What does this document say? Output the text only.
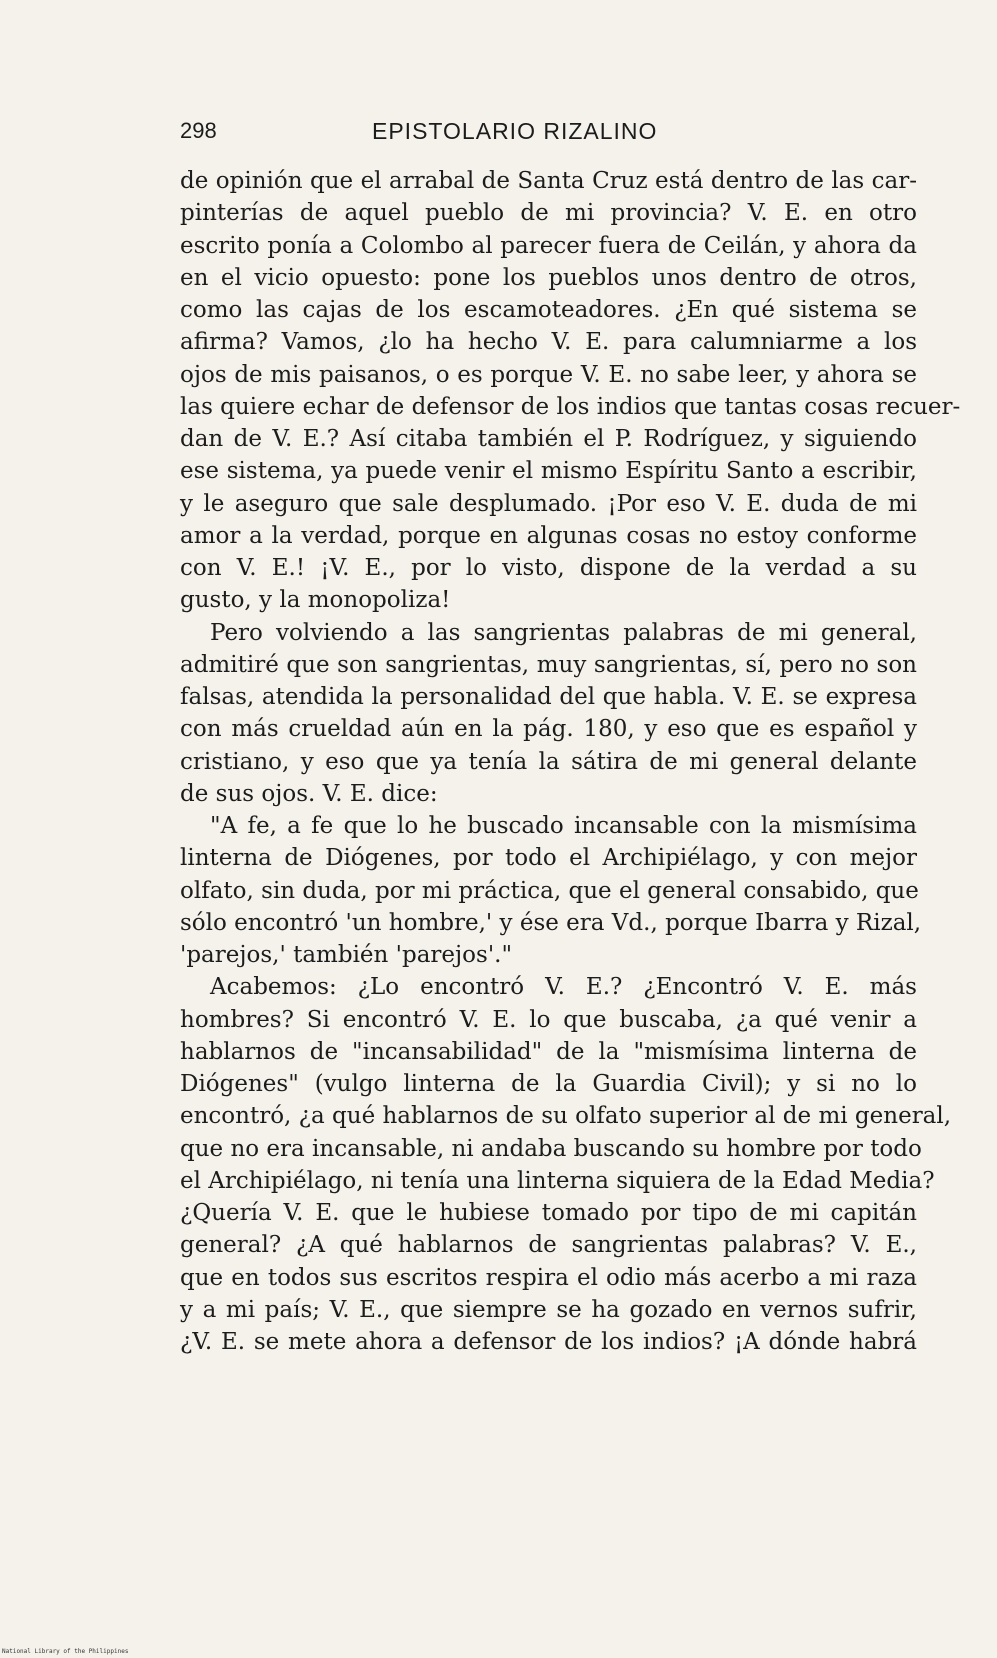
298	EPISTOLARIO RIZALINO
de opinión que el arrabal de Santa Cruz está dentro de las car-
pinterías de aquel pueblo de mi provincia? V. E. en otro
escrito ponía a Colombo al parecer fuera de Ceilán, y ahora da
en el vicio opuesto: pone los pueblos unos dentro de otros,
como las cajas de los escamoteadores. ¿En qué sistema se
afirma? Vamos, ¿lo ha hecho V. E. para calumniarme a los
ojos de mis paisanos, o es porque V. E. no sabe leer, y ahora se
las quiere echar de defensor de los indios que tantas cosas recuer-
dan de V. E.? Así citaba también el P. Rodríguez, y siguiendo
ese sistema, ya puede venir el mismo Espíritu Santo a escribir,
y le aseguro que sale desplumado. ¡Por eso V. E. duda de mi
amor a la verdad, porque en algunas cosas no estoy conforme
con V. E.! ¡V. E., por lo visto, dispone de la verdad a su
gusto, y la monopoliza!
Pero volviendo a las sangrientas palabras de mi general,
admitiré que son sangrientas, muy sangrientas, sí, pero no son
falsas, atendida la personalidad del que habla. V. E. se expresa
con más crueldad aún en la pág. 180, y eso que es español y
cristiano, y eso que ya tenía la sátira de mi general delante
de sus ojos. V. E. dice:
"A fe, a fe que lo he buscado incansable con la mismísima
linterna de Diógenes, por todo el Archipiélago, y con mejor
olfato, sin duda, por mi práctica, que el general consabido, que
sólo encontró 'un hombre,' y ése era Vd., porque Ibarra y Rizal,
'parejos,' también 'parejos'."
Acabemos: ¿Lo encontró V. E.? ¿Encontró V. E. más
hombres? Si encontró V. E. lo que buscaba, ¿a qué venir a
hablarnos de "incansabilidad" de la "mismísima linterna de
Diógenes" (vulgo linterna de la Guardia Civil); y si no lo
encontró, ¿a qué hablarnos de su olfato superior al de mi general,
que no era incansable, ni andaba buscando su hombre por todo
el Archipiélago, ni tenía una linterna siquiera de la Edad Media?
¿Quería V. E. que le hubiese tomado por tipo de mi capitán
general? ¿A qué hablarnos de sangrientas palabras? V. E.,
que en todos sus escritos respira el odio más acerbo a mi raza
y a mi país; V. E., que siempre se ha gozado en vernos sufrir,
¿V. E. se mete ahora a defensor de los indios? ¡A dónde habrá
National Library of the Philippines
